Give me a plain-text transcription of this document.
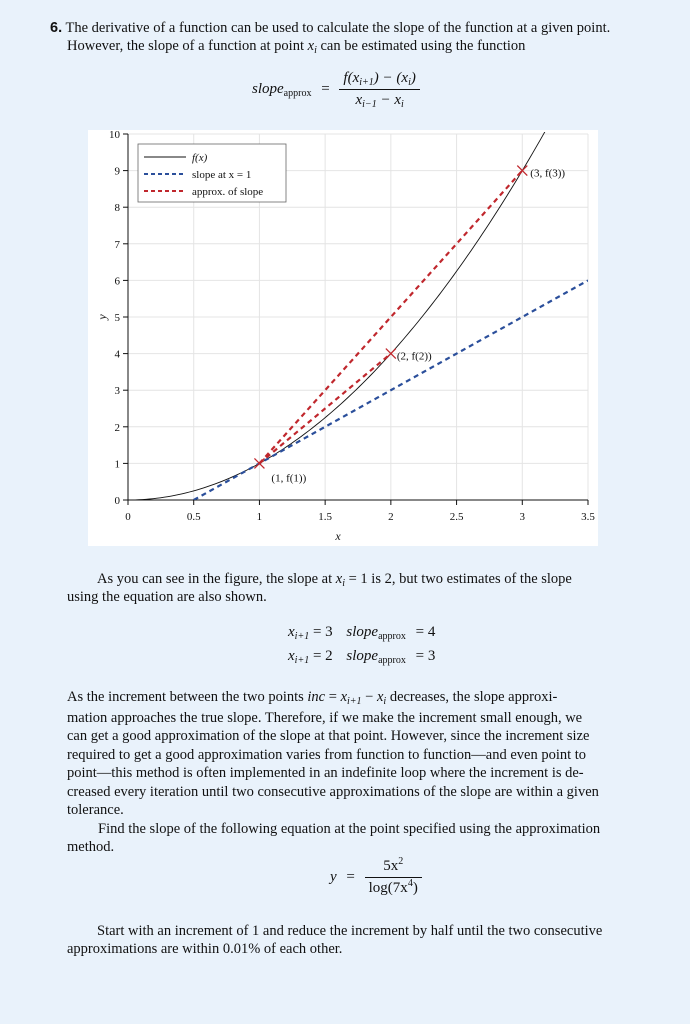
6. The derivative of a function can be used to calculate the slope of the function at a given point.
However, the slope of a function at point $x_i$ can be estimated using the function
slope$_{approx}$ = $\frac{f(x_{i+1}) - (x_i)}{x_{i-1} - x_i}$
0	0.5	1	1.5	2	2.5	3	3.5
0
1
2
3
4
5
6
7
8
9
10
x
y
(1, f(1))
(2, f(2))
(3, f(3))
f(x)
slope at x = 1
approx. of slope
As you can see in the figure, the slope at $x_i = 1$ is 2, but two estimates of the slope
using the equation are also shown.
$x_{i+1} = 3$ slope$_{approx}$ = 4
$x_{i+1} = 2$ slope$_{approx}$ = 3
As the increment between the two points inc = $x_{i+1} - x_i$ decreases, the slope approxi-
mation approaches the true slope. Therefore, if we make the increment small enough, we
can get a good approximation of the slope at that point. However, since the increment size
required to get a good approximation varies from function to function—and even point to
point—this method is often implemented in an indefinite loop where the increment is de-
creased every iteration until two consecutive approximations of the slope are within a given
tolerance.
Find the slope of the following equation at the point specified using the approximation
method.
$y = \frac{5x^2}{\log(7x^4)}$
Start with an increment of 1 and reduce the increment by half until the two consecutive
approximations are within 0.01% of each other.
